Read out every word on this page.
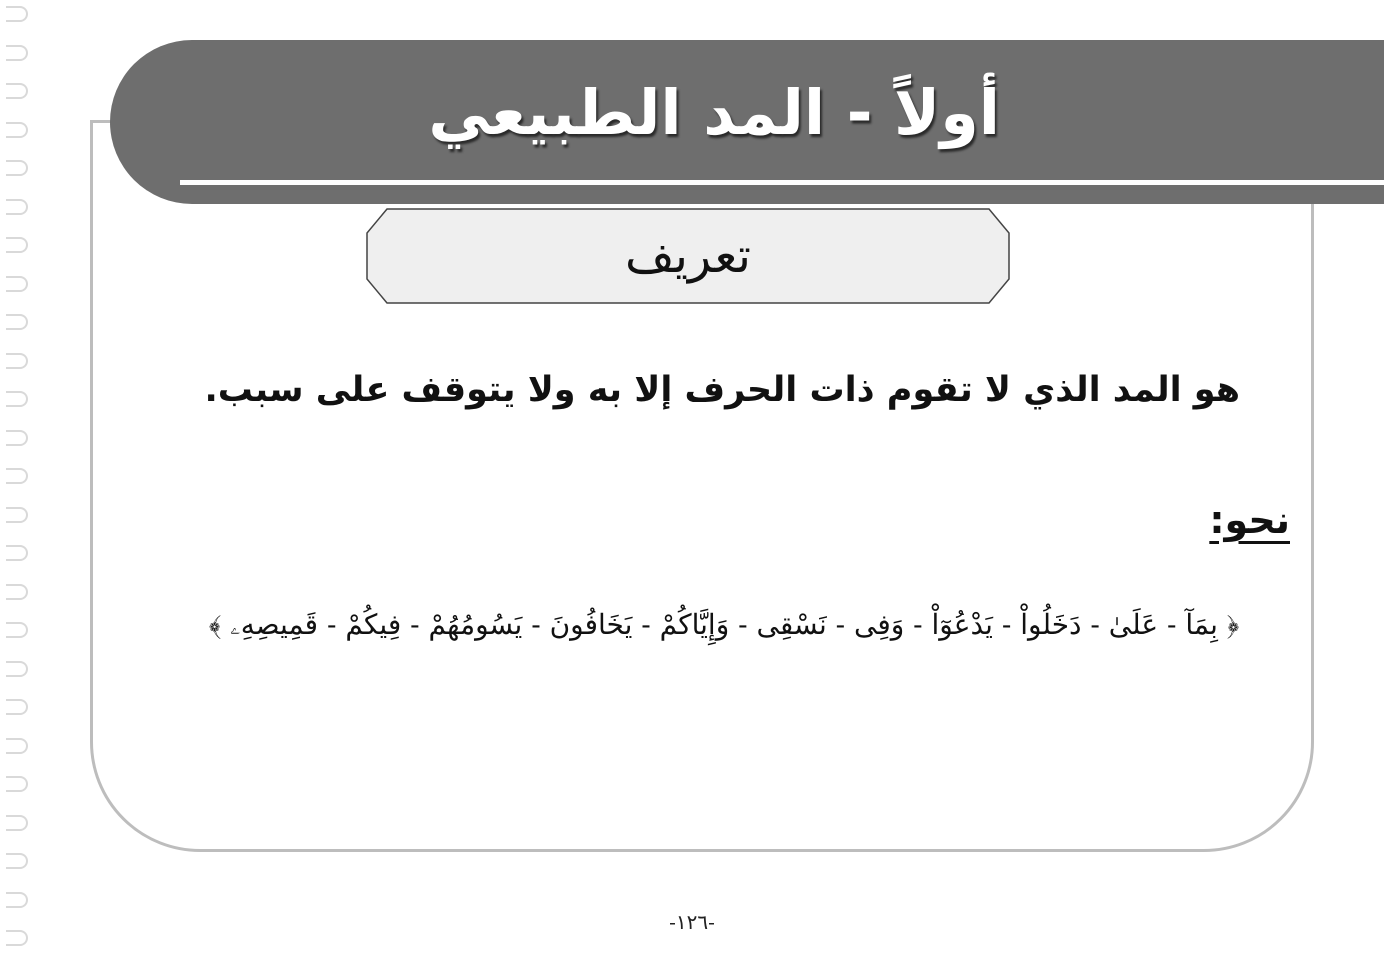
أولاً - المد الطبيعي
تعريف

هو المد الذي لا تقوم ذات الحرف إلا به ولا يتوقف على سبب.

نحو:
﴿ بِمَآ - عَلَىٰ - دَخَلُواْ - يَدْعُوٓاْ - وَفِى - نَسْقِى - وَإِيَّاكُمْ - يَخَافُونَ - يَسُومُهُمْ - فِيكُمْ - قَمِيصِهِۦ ﴾
-١٢٦-
